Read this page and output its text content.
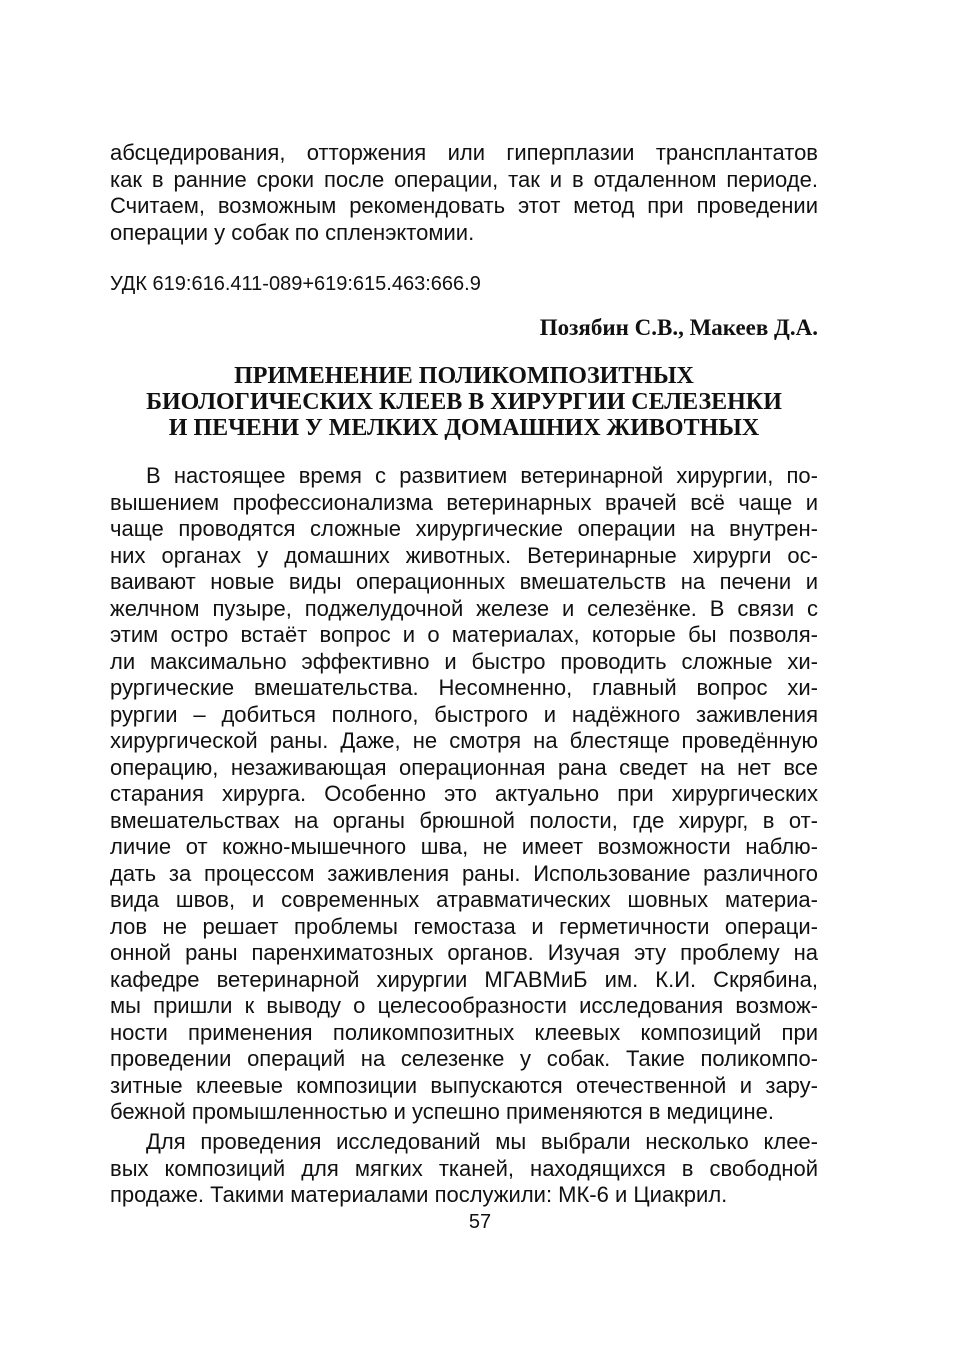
абсцедирования, отторжения или гиперплазии трансплантатов
как в ранние сроки после операции, так и в отдаленном периоде.
Считаем, возможным рекомендовать этот метод при проведении
операции у собак по спленэктомии.
УДК 619:616.411-089+619:615.463:666.9
Позябин С.В., Макеев Д.А.
ПРИМЕНЕНИЕ ПОЛИКОМПОЗИТНЫХ
БИОЛОГИЧЕСКИХ КЛЕЕВ В ХИРУРГИИ СЕЛЕЗЕНКИ
И ПЕЧЕНИ У МЕЛКИХ ДОМАШНИХ ЖИВОТНЫХ
В настоящее время с развитием ветеринарной хирургии, по-
вышением профессионализма ветеринарных врачей всё чаще и
чаще проводятся сложные хирургические операции на внутрен-
них органах у домашних животных. Ветеринарные хирурги ос-
ваивают новые виды операционных вмешательств на печени и
желчном пузыре, поджелудочной железе и селезёнке. В связи с
этим остро встаёт вопрос и о материалах, которые бы позволя-
ли максимально эффективно и быстро проводить сложные хи-
рургические вмешательства. Несомненно, главный вопрос хи-
рургии – добиться полного, быстрого и надёжного заживления
хирургической раны. Даже, не смотря на блестяще проведённую
операцию, незаживающая операционная рана сведет на нет все
старания хирурга. Особенно это актуально при хирургических
вмешательствах на органы брюшной полости, где хирург, в от-
личие от кожно-мышечного шва, не имеет возможности наблю-
дать за процессом заживления раны. Использование различного
вида швов, и современных атравматических шовных материа-
лов не решает проблемы гемостаза и герметичности операци-
онной раны паренхиматозных органов. Изучая эту проблему на
кафедре ветеринарной хирургии МГАВМиБ им. К.И. Скрябина,
мы пришли к выводу о целесообразности исследования возмож-
ности применения поликомпозитных клеевых композиций при
проведении операций на селезенке у собак. Такие поликомпо-
зитные клеевые композиции выпускаются отечественной и зару-
бежной промышленностью и успешно применяются в медицине.
Для проведения исследований мы выбрали несколько клее-
вых композиций для мягких тканей, находящихся в свободной
продаже. Такими материалами послужили: МК-6 и Циакрил.
57
